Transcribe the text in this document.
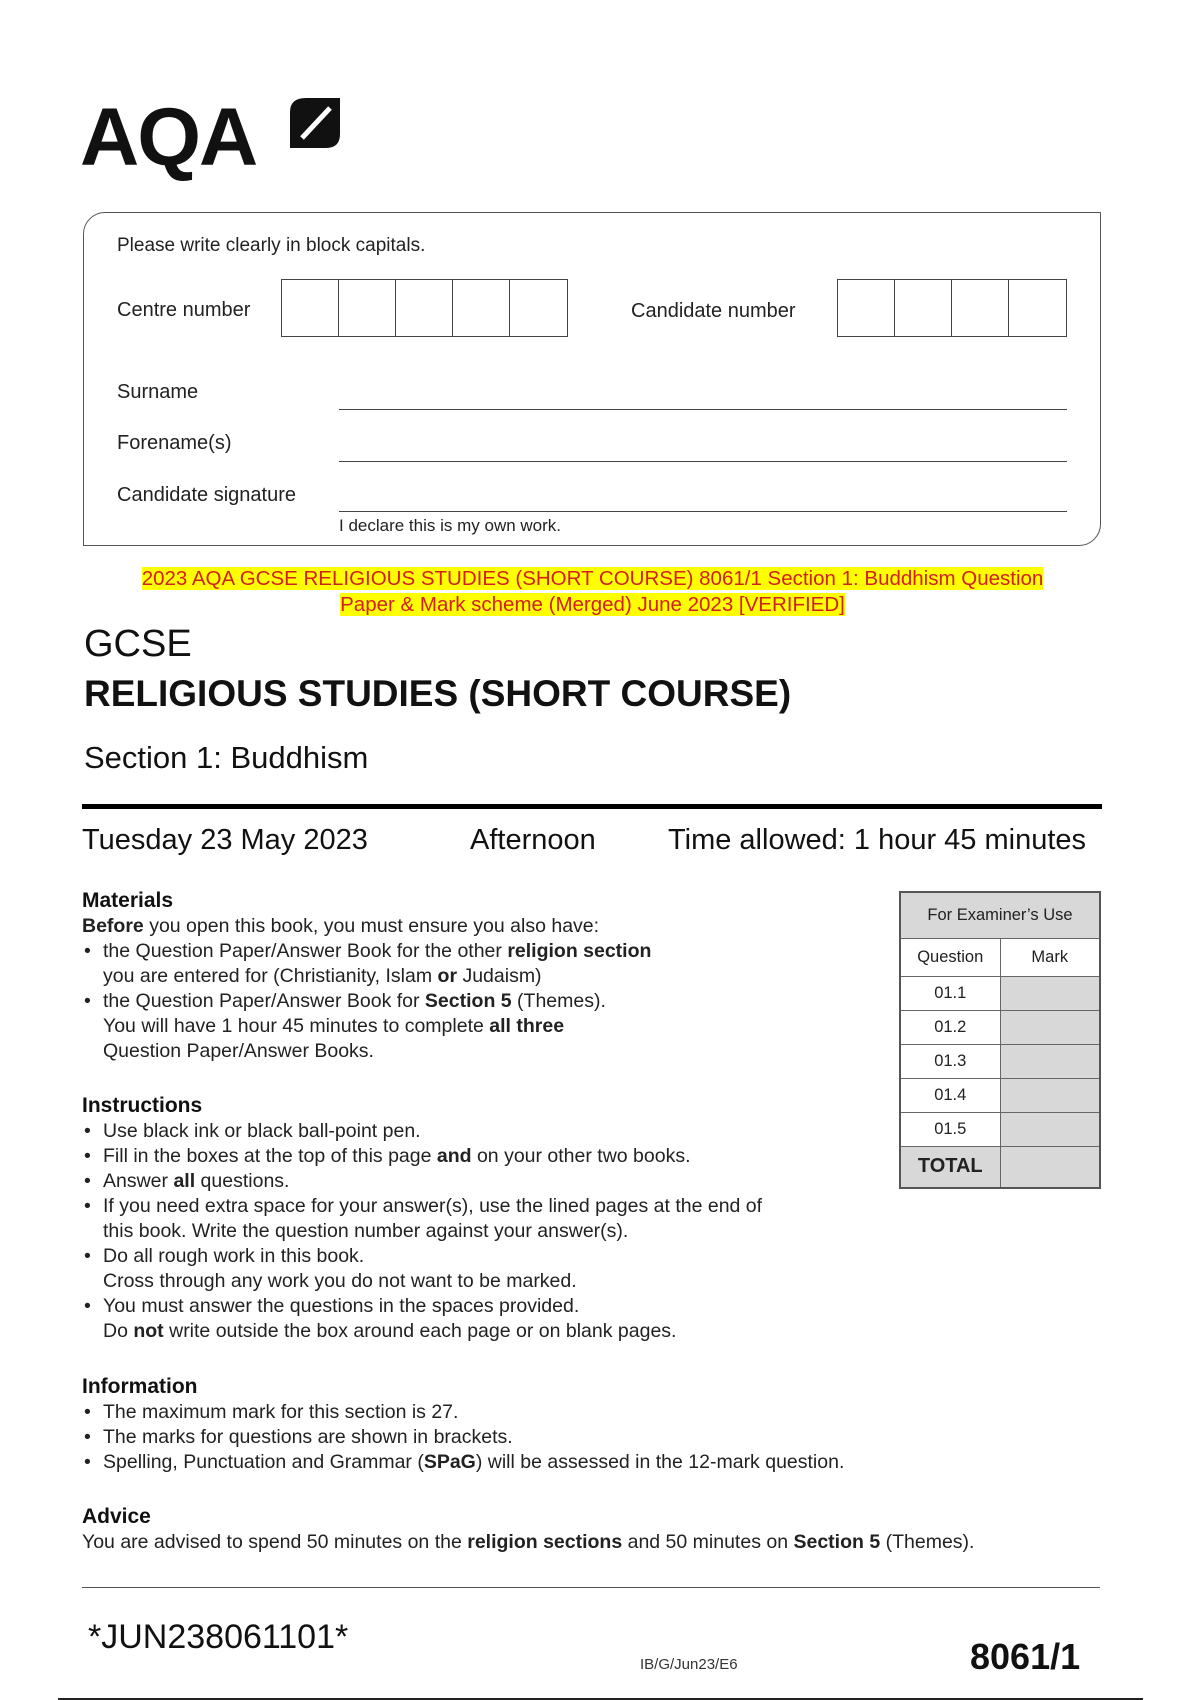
AQA
Please write clearly in block capitals.
Centre number	Candidate number
Surname
Forename(s)
Candidate signature
I declare this is my own work.
2023 AQA GCSE RELIGIOUS STUDIES (SHORT COURSE) 8061/1 Section 1: Buddhism Question
Paper & Mark scheme (Merged) June 2023 [VERIFIED]
GCSE
RELIGIOUS STUDIES (SHORT COURSE)
Section 1: Buddhism
Tuesday 23 May 2023	Afternoon Time allowed: 1 hour 45 minutes
Materials
Before you open this book, you must ensure you also have:
• the Question Paper/Answer Book for the other religion section
you are entered for (Christianity, Islam or Judaism)
• the Question Paper/Answer Book for Section 5 (Themes).
You will have 1 hour 45 minutes to complete all three
Question Paper/Answer Books.
Instructions
• Use black ink or black ball-point pen.
• Fill in the boxes at the top of this page and on your other two books.
• Answer all questions.
• If you need extra space for your answer(s), use the lined pages at the end of
this book. Write the question number against your answer(s).
• Do all rough work in this book.
Cross through any work you do not want to be marked.
• You must answer the questions in the spaces provided.
Do not write outside the box around each page or on blank pages.
Information
• The maximum mark for this section is 27.
• The marks for questions are shown in brackets.
• Spelling, Punctuation and Grammar (SPaG) will be assessed in the 12-mark question.
Advice
You are advised to spend 50 minutes on the religion sections and 50 minutes on Section 5 (Themes).
For Examiner’s Use	
Question	Mark
01.1	
01.2	
01.3	
01.4	
01.5	
TOTAL	
*JUN238061101*
IB/G/Jun23/E6	8061/1
